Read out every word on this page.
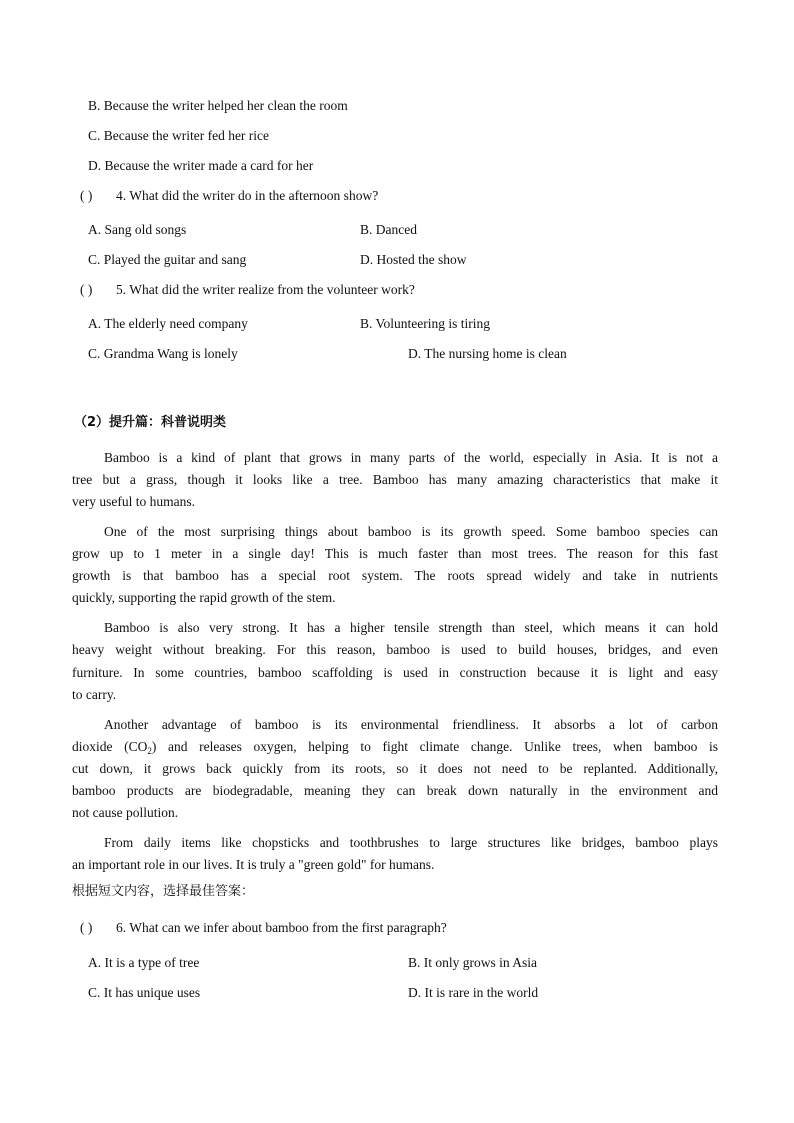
B. Because the writer helped her clean the room
C. Because the writer fed her rice
D. Because the writer made a card for her
( ) 4. What did the writer do in the afternoon show?
A. Sang old songs	B. Danced
C. Played the guitar and sang	D. Hosted the show
( ) 5. What did the writer realize from the volunteer work?
A. The elderly need company	B. Volunteering is tiring
C. Grandma Wang is lonely	D. The nursing home is clean
（2）提升篇：科普说明类
Bamboo is a kind of plant that grows in many parts of the world, especially in Asia. It is not a
tree but a grass, though it looks like a tree. Bamboo has many amazing characteristics that make it
very useful to humans.
One of the most surprising things about bamboo is its growth speed. Some bamboo species can
grow up to 1 meter in a single day! This is much faster than most trees. The reason for this fast
growth is that bamboo has a special root system. The roots spread widely and take in nutrients
quickly, supporting the rapid growth of the stem.
Bamboo is also very strong. It has a higher tensile strength than steel, which means it can hold
heavy weight without breaking. For this reason, bamboo is used to build houses, bridges, and even
furniture. In some countries, bamboo scaffolding is used in construction because it is light and easy
to carry.
Another advantage of bamboo is its environmental friendliness. It absorbs a lot of carbon
dioxide $(CO_2)$ and releases oxygen, helping to fight climate change. Unlike trees, when bamboo is
cut down, it grows back quickly from its roots, so it does not need to be replanted. Additionally,
bamboo products are biodegradable, meaning they can break down naturally in the environment and
not cause pollution.
From daily items like chopsticks and toothbrushes to large structures like bridges, bamboo plays
an important role in our lives. It is truly a "green gold" for humans.
根据短文内容，选择最佳答案：
( ) 6. What can we infer about bamboo from the first paragraph?
A. It is a type of tree	B. It only grows in Asia
C. It has unique uses	D. It is rare in the world
